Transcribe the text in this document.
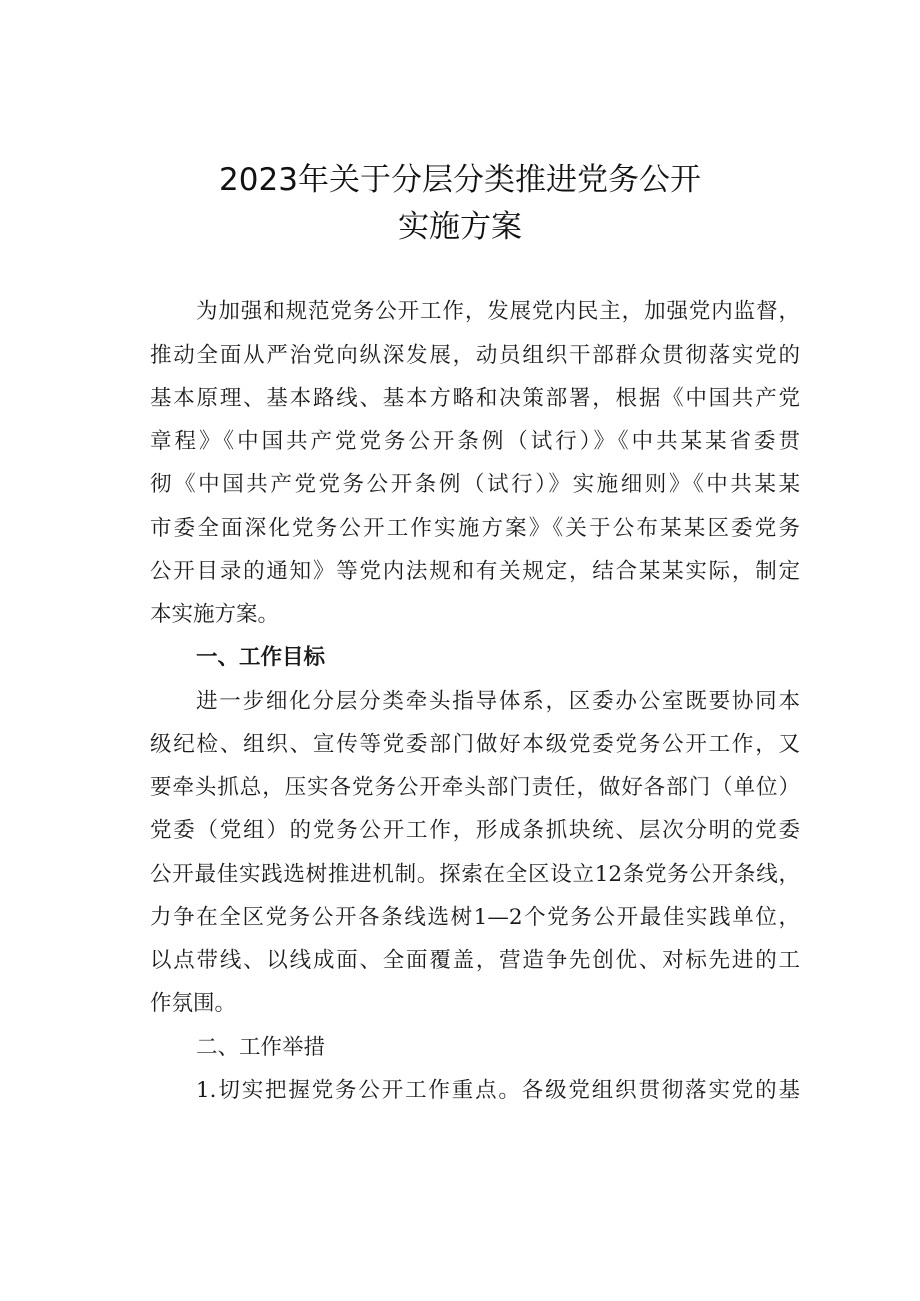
2023年关于分层分类推进党务公开
实施方案
为加强和规范党务公开工作，发展党内民主，加强党内监督，
推动全面从严治党向纵深发展，动员组织干部群众贯彻落实党的
基本原理、基本路线、基本方略和决策部署，根据《中国共产党
章程》《中国共产党党务公开条例（试行）》《中共某某省委贯
彻《中国共产党党务公开条例（试行）》实施细则》《中共某某
市委全面深化党务公开工作实施方案》《关于公布某某区委党务
公开目录的通知》等党内法规和有关规定，结合某某实际，制定
本实施方案。
一、工作目标
进一步细化分层分类牵头指导体系，区委办公室既要协同本
级纪检、组织、宣传等党委部门做好本级党委党务公开工作，又
要牵头抓总，压实各党务公开牵头部门责任，做好各部门（单位）
党委（党组）的党务公开工作，形成条抓块统、层次分明的党委
公开最佳实践选树推进机制。探索在全区设立12条党务公开条线，
力争在全区党务公开各条线选树1—2个党务公开最佳实践单位，
以点带线、以线成面、全面覆盖，营造争先创优、对标先进的工
作氛围。
二、工作举措
1.切实把握党务公开工作重点。各级党组织贯彻落实党的基
